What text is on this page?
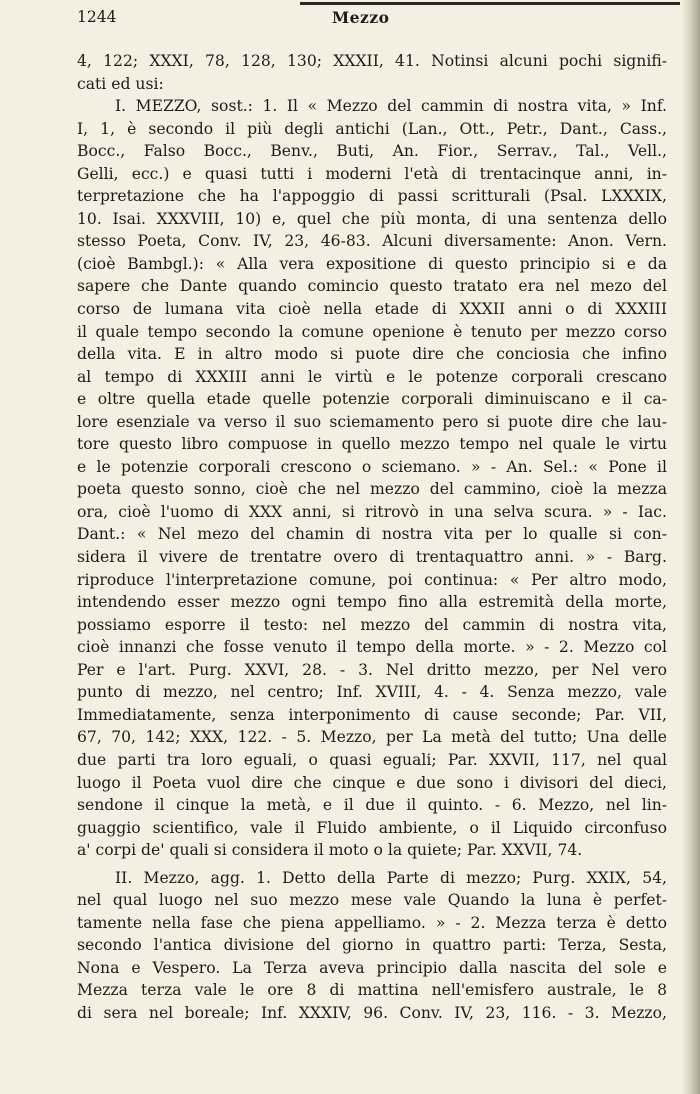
1244	Mezzo
4, 122; XXXI, 78, 128, 130; XXXII, 41. Notinsi alcuni pochi signifi-
cati ed usi:
I. MEZZO, sost.: 1. Il « Mezzo del cammin di nostra vita, » Inf.
I, 1, è secondo il più degli antichi (Lan., Ott., Petr., Dant., Cass.,
Bocc., Falso Bocc., Benv., Buti, An. Fior., Serrav., Tal., Vell.,
Gelli, ecc.) e quasi tutti i moderni l'età di trentacinque anni, in-
terpretazione che ha l'appoggio di passi scritturali (Psal. LXXXIX,
10. Isai. XXXVIII, 10) e, quel che più monta, di una sentenza dello
stesso Poeta, Conv. IV, 23, 46-83. Alcuni diversamente: Anon. Vern.
(cioè Bambgl.): « Alla vera expositione di questo principio si e da
sapere che Dante quando comincio questo tratato era nel mezo del
corso de lumana vita cioè nella etade di XXXII anni o di XXXIII
il quale tempo secondo la comune openione è tenuto per mezzo corso
della vita. E in altro modo si puote dire che conciosia che infino
al tempo di XXXIII anni le virtù e le potenze corporali crescano
e oltre quella etade quelle potenzie corporali diminuiscano e il ca-
lore esenziale va verso il suo sciemamento pero si puote dire che lau-
tore questo libro compuose in quello mezzo tempo nel quale le virtu
e le potenzie corporali crescono o sciemano. » - An. Sel.: « Pone il
poeta questo sonno, cioè che nel mezzo del cammino, cioè la mezza
ora, cioè l'uomo di XXX anni, si ritrovò in una selva scura. » - Iac.
Dant.: « Nel mezo del chamin di nostra vita per lo qualle si con-
sidera il vivere de trentatre overo di trentaquattro anni. » - Barg.
riproduce l'interpretazione comune, poi continua: « Per altro modo,
intendendo esser mezzo ogni tempo fino alla estremità della morte,
possiamo esporre il testo: nel mezzo del cammin di nostra vita,
cioè innanzi che fosse venuto il tempo della morte. » - 2. Mezzo col
Per e l'art. Purg. XXVI, 28. - 3. Nel dritto mezzo, per Nel vero
punto di mezzo, nel centro; Inf. XVIII, 4. - 4. Senza mezzo, vale
Immediatamente, senza interponimento di cause seconde; Par. VII,
67, 70, 142; XXX, 122. - 5. Mezzo, per La metà del tutto; Una delle
due parti tra loro eguali, o quasi eguali; Par. XXVII, 117, nel qual
luogo il Poeta vuol dire che cinque e due sono i divisori del dieci,
sendone il cinque la metà, e il due il quinto. - 6. Mezzo, nel lin-
guaggio scientifico, vale il Fluido ambiente, o il Liquido circonfuso
a' corpi de' quali si considera il moto o la quiete; Par. XXVII, 74.
II. Mezzo, agg. 1. Detto della Parte di mezzo; Purg. XXIX, 54,
nel qual luogo nel suo mezzo mese vale Quando la luna è perfet-
tamente nella fase che piena appelliamo. » - 2. Mezza terza è detto
secondo l'antica divisione del giorno in quattro parti: Terza, Sesta,
Nona e Vespero. La Terza aveva principio dalla nascita del sole e
Mezza terza vale le ore 8 di mattina nell'emisfero australe, le 8
di sera nel boreale; Inf. XXXIV, 96. Conv. IV, 23, 116. - 3. Mezzo,
